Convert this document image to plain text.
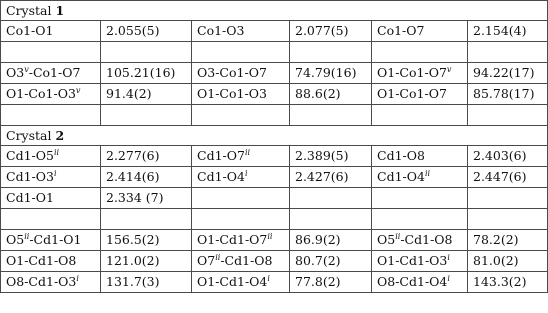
Crystal 1					
Co1-O1	2.055(5)	Co1-O3	2.077(5)	Co1-O7	2.154(4)

O3$^v$-Co1-O7	105.21(16)	O3-Co1-O7	74.79(16)	O1-Co1-O7$^v$	94.22(17)
O1-Co1-O3$^v$	91.4(2)	O1-Co1-O3	88.6(2)	O1-Co1-O7	85.78(17)

Crystal 2					
Cd1-O5$^{ii}$	2.277(6)	Cd1-O7$^{ii}$	2.389(5)	Cd1-O8	2.403(6)
Cd1-O3$^i$	2.414(6)	Cd1-O4$^i$	2.427(6)	Cd1-O4$^{ii}$	2.447(6)
Cd1-O1	2.334 (7)				

O5$^{ii}$-Cd1-O1	156.5(2)	O1-Cd1-O7$^{ii}$	86.9(2)	O5$^{ii}$-Cd1-O8	78.2(2)
O1-Cd1-O8	121.0(2)	O7$^{ii}$-Cd1-O8	80.7(2)	O1-Cd1-O3$^i$	81.0(2)
O8-Cd1-O3$^i$	131.7(3)	O1-Cd1-O4$^i$	77.8(2)	O8-Cd1-O4$^i$	143.3(2)
